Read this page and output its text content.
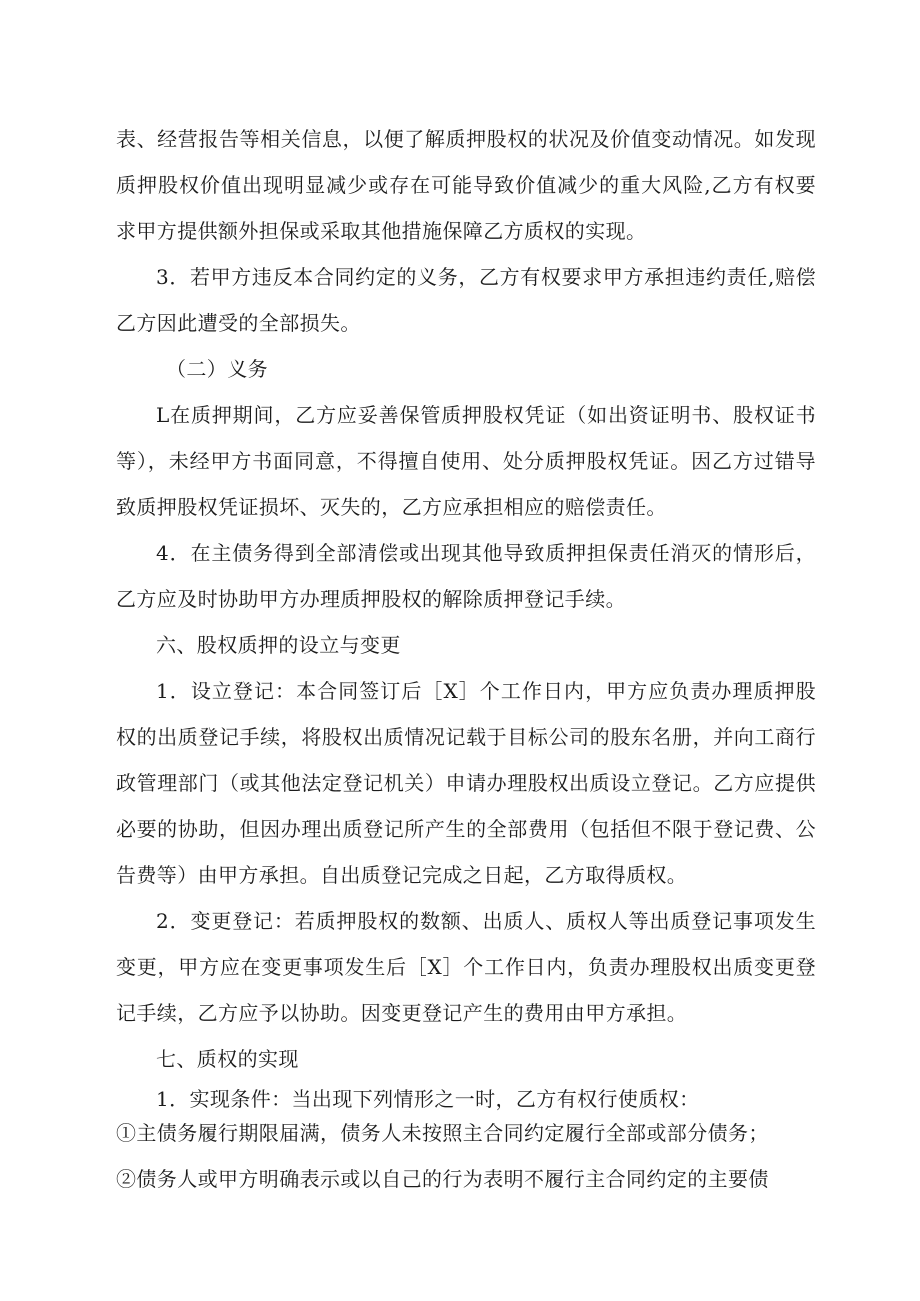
表、经营报告等相关信息，以便了解质押股权的状况及价值变动情况。如发现质押股权价值出现明显减少或存在可能导致价值减少的重大风险,乙方有权要求甲方提供额外担保或采取其他措施保障乙方质权的实现。

3．若甲方违反本合同约定的义务，乙方有权要求甲方承担违约责任,赔偿乙方因此遭受的全部损失。

（二）义务

L在质押期间，乙方应妥善保管质押股权凭证（如出资证明书、股权证书等），未经甲方书面同意，不得擅自使用、处分质押股权凭证。因乙方过错导致质押股权凭证损坏、灭失的，乙方应承担相应的赔偿责任。

4．在主债务得到全部清偿或出现其他导致质押担保责任消灭的情形后，乙方应及时协助甲方办理质押股权的解除质押登记手续。

六、股权质押的设立与变更

1．设立登记：本合同签订后［X］个工作日内，甲方应负责办理质押股权的出质登记手续，将股权出质情况记载于目标公司的股东名册，并向工商行政管理部门（或其他法定登记机关）申请办理股权出质设立登记。乙方应提供必要的协助，但因办理出质登记所产生的全部费用（包括但不限于登记费、公告费等）由甲方承担。自出质登记完成之日起，乙方取得质权。

2．变更登记：若质押股权的数额、出质人、质权人等出质登记事项发生变更，甲方应在变更事项发生后［X］个工作日内，负责办理股权出质变更登记手续，乙方应予以协助。因变更登记产生的费用由甲方承担。

七、质权的实现

1．实现条件：当出现下列情形之一时，乙方有权行使质权：

①主债务履行期限届满，债务人未按照主合同约定履行全部或部分债务；

②债务人或甲方明确表示或以自己的行为表明不履行主合同约定的主要债
